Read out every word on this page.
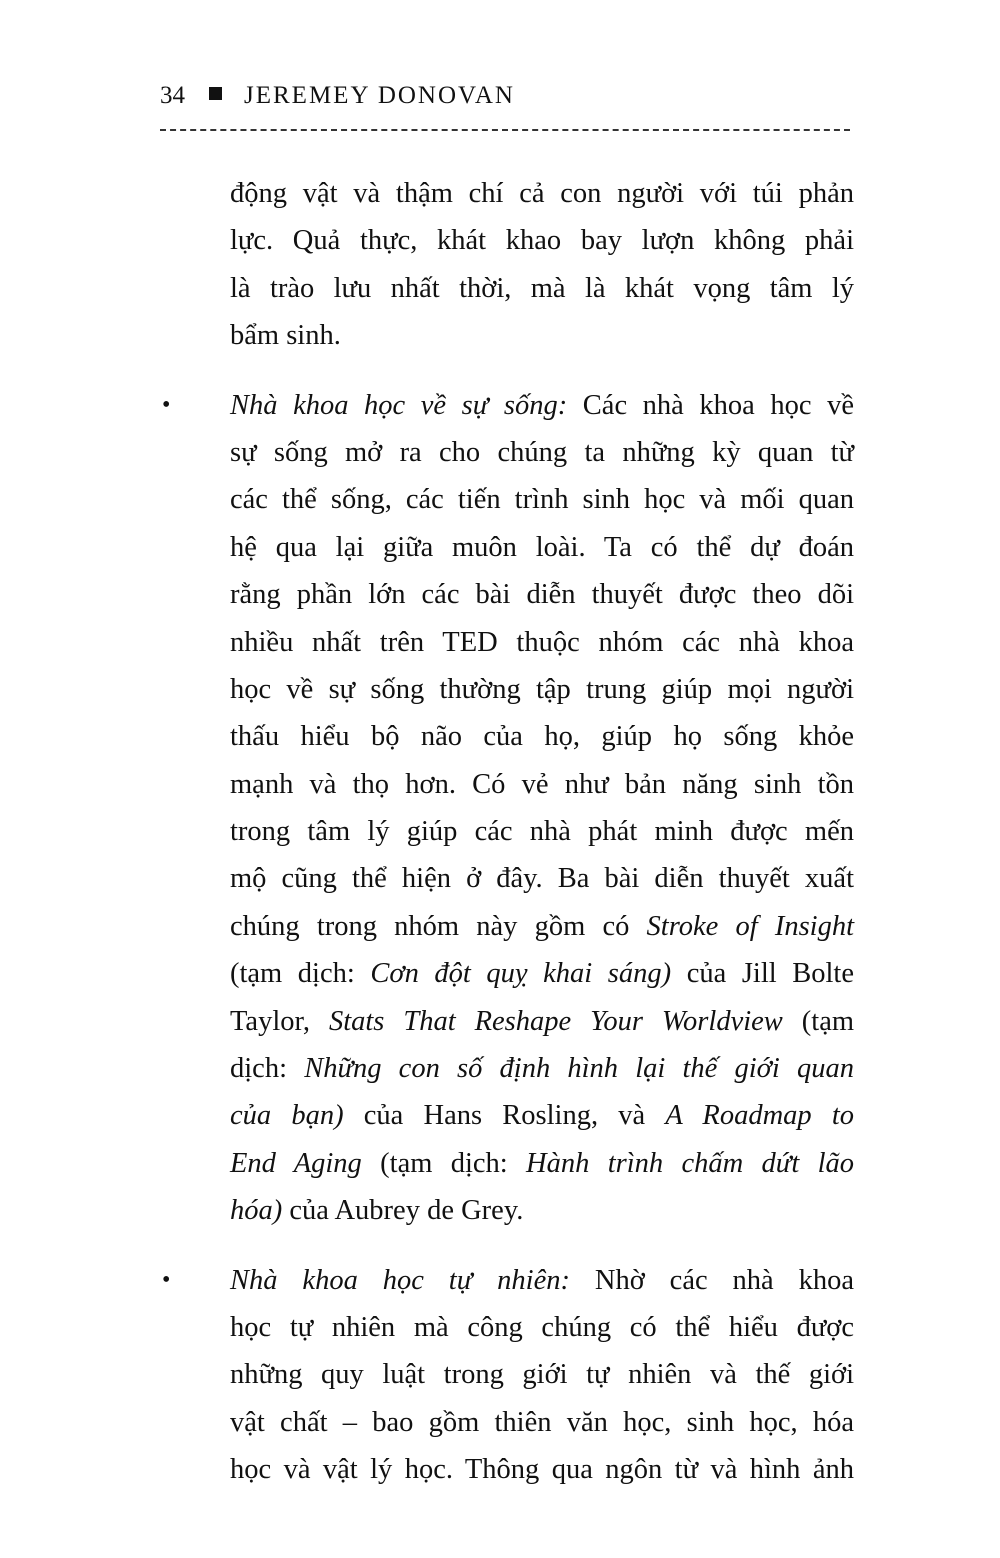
34 JEREMEY DONOVAN
động vật và thậm chí cả con người với túi phản
lực. Quả thực, khát khao bay lượn không phải
là trào lưu nhất thời, mà là khát vọng tâm lý
bẩm sinh.
• Nhà khoa học về sự sống: Các nhà khoa học về
sự sống mở ra cho chúng ta những kỳ quan từ
các thể sống, các tiến trình sinh học và mối quan
hệ qua lại giữa muôn loài. Ta có thể dự đoán
rằng phần lớn các bài diễn thuyết được theo dõi
nhiều nhất trên TED thuộc nhóm các nhà khoa
học về sự sống thường tập trung giúp mọi người
thấu hiểu bộ não của họ, giúp họ sống khỏe
mạnh và thọ hơn. Có vẻ như bản năng sinh tồn
trong tâm lý giúp các nhà phát minh được mến
mộ cũng thể hiện ở đây. Ba bài diễn thuyết xuất
chúng trong nhóm này gồm có Stroke of Insight
(tạm dịch: Cơn đột quỵ khai sáng) của Jill Bolte
Taylor, Stats That Reshape Your Worldview (tạm
dịch: Những con số định hình lại thế giới quan
của bạn) của Hans Rosling, và A Roadmap to
End Aging (tạm dịch: Hành trình chấm dứt lão
hóa) của Aubrey de Grey.
• Nhà khoa học tự nhiên: Nhờ các nhà khoa
học tự nhiên mà công chúng có thể hiểu được
những quy luật trong giới tự nhiên và thế giới
vật chất – bao gồm thiên văn học, sinh học, hóa
học và vật lý học. Thông qua ngôn từ và hình ảnh
